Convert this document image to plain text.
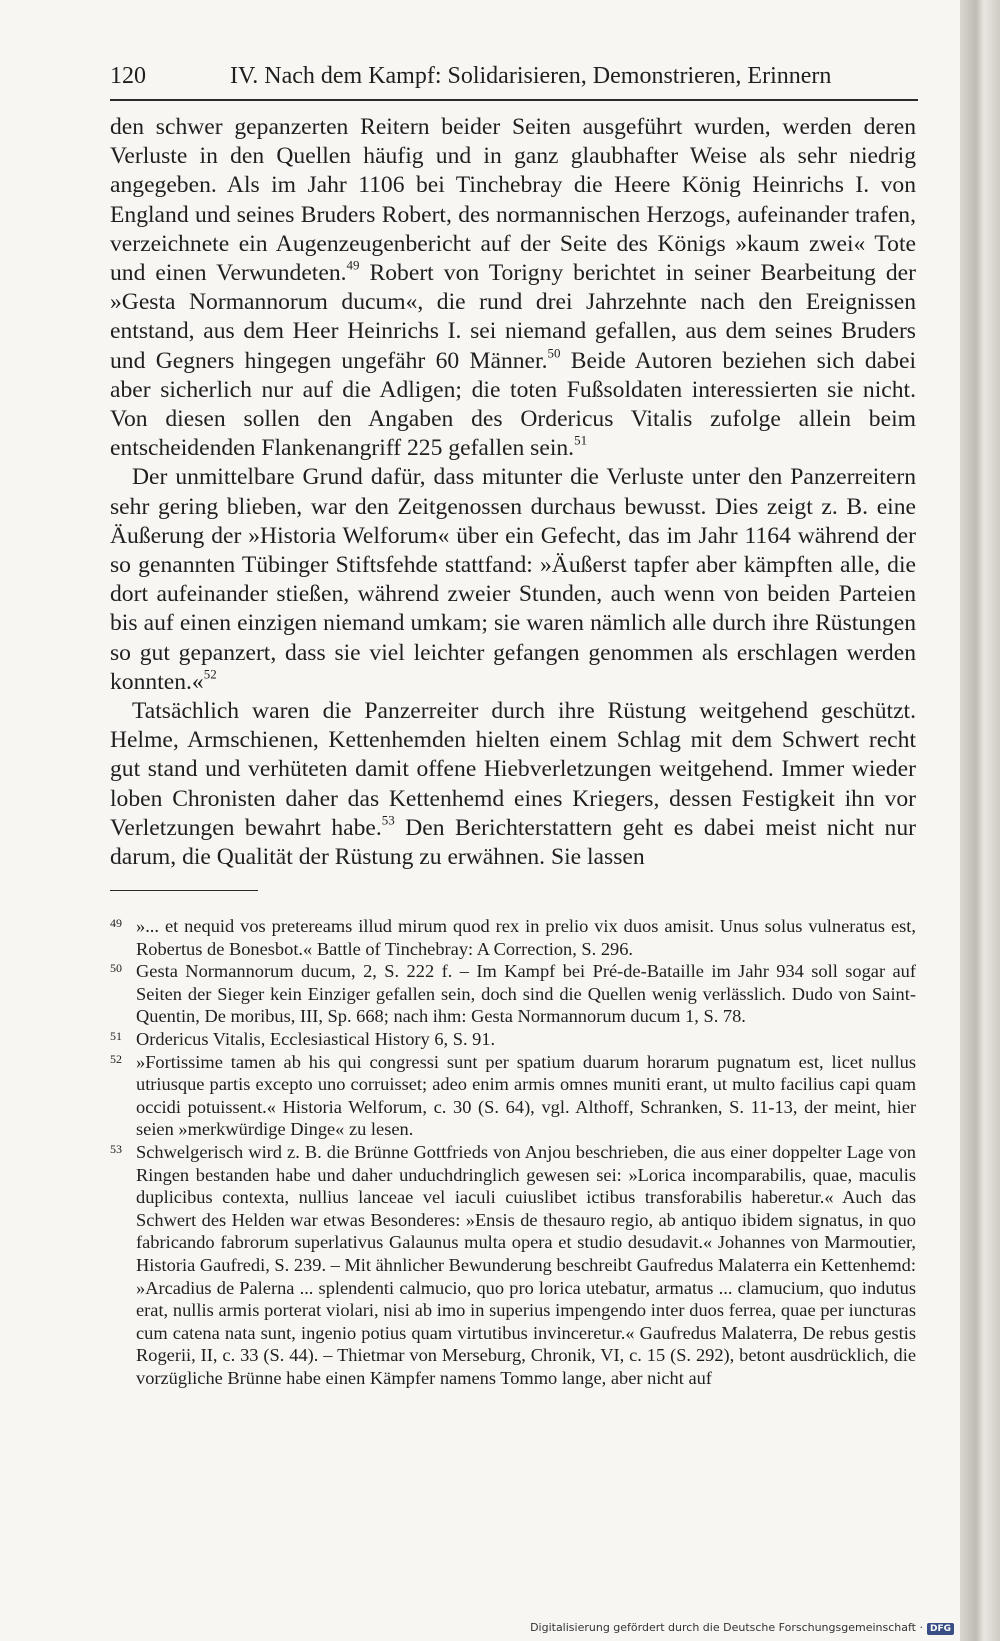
120	IV. Nach dem Kampf: Solidarisieren, Demonstrieren, Erinnern

den schwer gepanzerten Reitern beider Seiten ausgeführt wurden, werden deren Verluste in den Quellen häufig und in ganz glaubhafter Weise als sehr niedrig angegeben. Als im Jahr 1106 bei Tinchebray die Heere König Heinrichs I. von England und seines Bruders Robert, des normannischen Herzogs, aufeinander trafen, verzeichnete ein Augenzeugenbericht auf der Seite des Königs »kaum zwei« Tote und einen Verwundeten.$^{49}$ Robert von Torigny berichtet in seiner Bearbeitung der »Gesta Normannorum ducum«, die rund drei Jahrzehnte nach den Ereignissen entstand, aus dem Heer Heinrichs I. sei niemand gefallen, aus dem seines Bruders und Gegners hingegen ungefähr 60 Männer.$^{50}$ Beide Autoren beziehen sich dabei aber sicherlich nur auf die Adligen; die toten Fußsoldaten interessierten sie nicht. Von diesen sollen den Angaben des Ordericus Vitalis zufolge allein beim entscheidenden Flankenangriff 225 gefallen sein.$^{51}$

Der unmittelbare Grund dafür, dass mitunter die Verluste unter den Panzerreitern sehr gering blieben, war den Zeitgenossen durchaus bewusst. Dies zeigt z. B. eine Äußerung der »Historia Welforum« über ein Gefecht, das im Jahr 1164 während der so genannten Tübinger Stiftsfehde stattfand: »Äußerst tapfer aber kämpften alle, die dort aufeinander stießen, während zweier Stunden, auch wenn von beiden Parteien bis auf einen einzigen niemand umkam; sie waren nämlich alle durch ihre Rüstungen so gut gepanzert, dass sie viel leichter gefangen genommen als erschlagen werden konnten.«$^{52}$

Tatsächlich waren die Panzerreiter durch ihre Rüstung weitgehend geschützt. Helme, Armschienen, Kettenhemden hielten einem Schlag mit dem Schwert recht gut stand und verhüteten damit offene Hiebverletzungen weitgehend. Immer wieder loben Chronisten daher das Kettenhemd eines Kriegers, dessen Festigkeit ihn vor Verletzungen bewahrt habe.$^{53}$ Den Berichterstattern geht es dabei meist nicht nur darum, die Qualität der Rüstung zu erwähnen. Sie lassen

49 »... et nequid vos pretereams illud mirum quod rex in prelio vix duos amisit. Unus solus vulneratus est, Robertus de Bonesbot.« Battle of Tinchebray: A Correction, S. 296.
50 Gesta Normannorum ducum, 2, S. 222 f. – Im Kampf bei Pré-de-Bataille im Jahr 934 soll sogar auf Seiten der Sieger kein Einziger gefallen sein, doch sind die Quellen wenig verlässlich. Dudo von Saint-Quentin, De moribus, III, Sp. 668; nach ihm: Gesta Normannorum ducum 1, S. 78.
51 Ordericus Vitalis, Ecclesiastical History 6, S. 91.
52 »Fortissime tamen ab his qui congressi sunt per spatium duarum horarum pugnatum est, licet nullus utriusque partis excepto uno corruisset; adeo enim armis omnes muniti erant, ut multo facilius capi quam occidi potuissent.« Historia Welforum, c. 30 (S. 64), vgl. Althoff, Schranken, S. 11-13, der meint, hier seien »merkwürdige Dinge« zu lesen.
53 Schwelgerisch wird z. B. die Brünne Gottfrieds von Anjou beschrieben, die aus einer doppelter Lage von Ringen bestanden habe und daher unduchdringlich gewesen sei: »Lorica incomparabilis, quae, maculis duplicibus contexta, nullius lanceae vel iaculi cuiuslibet ictibus transforabilis haberetur.« Auch das Schwert des Helden war etwas Besonderes: »Ensis de thesauro regio, ab antiquo ibidem signatus, in quo fabricando fabrorum superlativus Galaunus multa opera et studio desudavit.« Johannes von Marmoutier, Historia Gaufredi, S. 239. – Mit ähnlicher Bewunderung beschreibt Gaufredus Malaterra ein Kettenhemd: »Arcadius de Palerna ... splendenti calmucio, quo pro lorica utebatur, armatus ... clamucium, quo indutus erat, nullis armis porterat violari, nisi ab imo in superius impengendo inter duos ferrea, quae per iuncturas cum catena nata sunt, ingenio potius quam virtutibus invinceretur.« Gaufredus Malaterra, De rebus gestis Rogerii, II, c. 33 (S. 44). – Thietmar von Merseburg, Chronik, VI, c. 15 (S. 292), betont ausdrücklich, die vorzügliche Brünne habe einen Kämpfer namens Tommo lange, aber nicht auf
Digitalisierung gefördert durch die Deutsche Forschungsgemeinschaft · DFG
